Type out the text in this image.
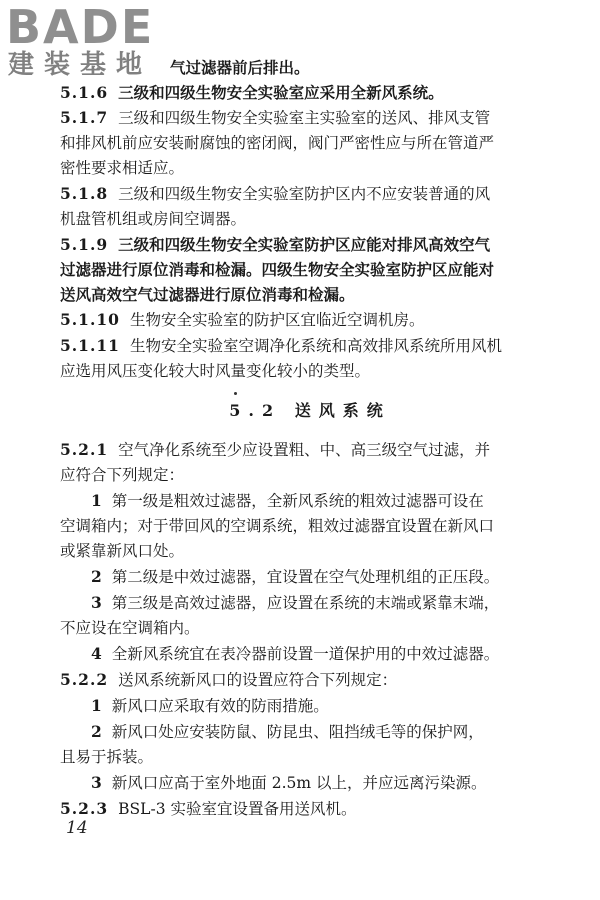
BADE
建装基地	气过滤器前后排出。
5.1.6 三级和四级生物安全实验室应采用全新风系统。
5.1.7 三级和四级生物安全实验室主实验室的送风、排风支管
和排风机前应安装耐腐蚀的密闭阀，阀门严密性应与所在管道严
密性要求相适应。
5.1.8 三级和四级生物安全实验室防护区内不应安装普通的风
机盘管机组或房间空调器。
5.1.9 三级和四级生物安全实验室防护区应能对排风高效空气
过滤器进行原位消毒和检漏。四级生物安全实验室防护区应能对
送风高效空气过滤器进行原位消毒和检漏。
5.1.10 生物安全实验室的防护区宜临近空调机房。
5.1.11 生物安全实验室空调净化系统和高效排风系统所用风机
应选用风压变化较大时风量变化较小的类型。
5.2 送风系统
5.2.1 空气净化系统至少应设置粗、中、高三级空气过滤，并
应符合下列规定：
1 第一级是粗效过滤器，全新风系统的粗效过滤器可设在
空调箱内；对于带回风的空调系统，粗效过滤器宜设置在新风口
或紧靠新风口处。
2 第二级是中效过滤器，宜设置在空气处理机组的正压段。
3 第三级是高效过滤器，应设置在系统的末端或紧靠末端，
不应设在空调箱内。
4 全新风系统宜在表冷器前设置一道保护用的中效过滤器。
5.2.2 送风系统新风口的设置应符合下列规定：
1 新风口应采取有效的防雨措施。
2 新风口处应安装防鼠、防昆虫、阻挡绒毛等的保护网，
且易于拆装。
3 新风口应高于室外地面 2.5m 以上，并应远离污染源。
5.2.3 BSL-3 实验室宜设置备用送风机。
14
